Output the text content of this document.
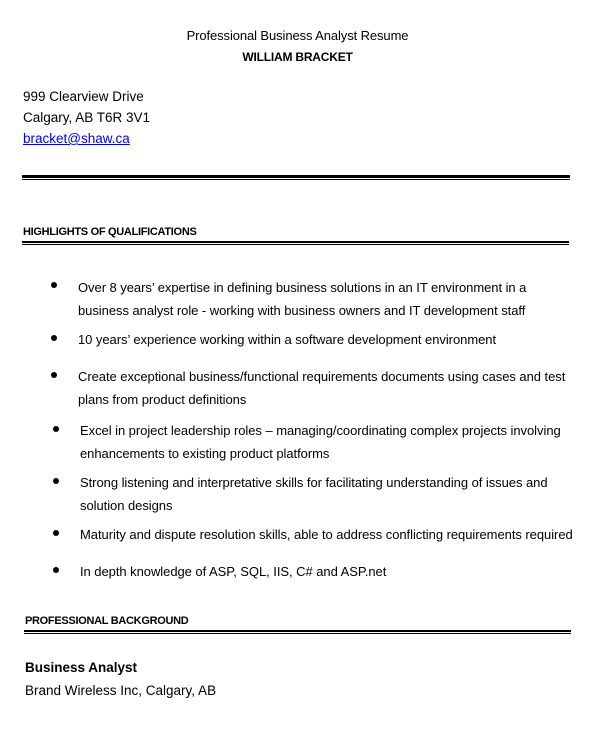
Professional Business Analyst Resume
WILLIAM BRACKET
999 Clearview Drive
Calgary, AB T6R 3V1
bracket@shaw.ca
HIGHLIGHTS OF QUALIFICATIONS
Over 8 years’ expertise in defining business solutions in an IT environment in a business analyst role - working with business owners and IT development staff
10 years’ experience working within a software development environment
Create exceptional business/functional requirements documents using cases and test plans from product definitions
Excel in project leadership roles – managing/coordinating complex projects involving enhancements to existing product platforms
Strong listening and interpretative skills for facilitating understanding of issues and solution designs
Maturity and dispute resolution skills, able to address conflicting requirements required
In depth knowledge of ASP, SQL, IIS, C# and ASP.net
PROFESSIONAL BACKGROUND
Business Analyst
Brand Wireless Inc, Calgary, AB
